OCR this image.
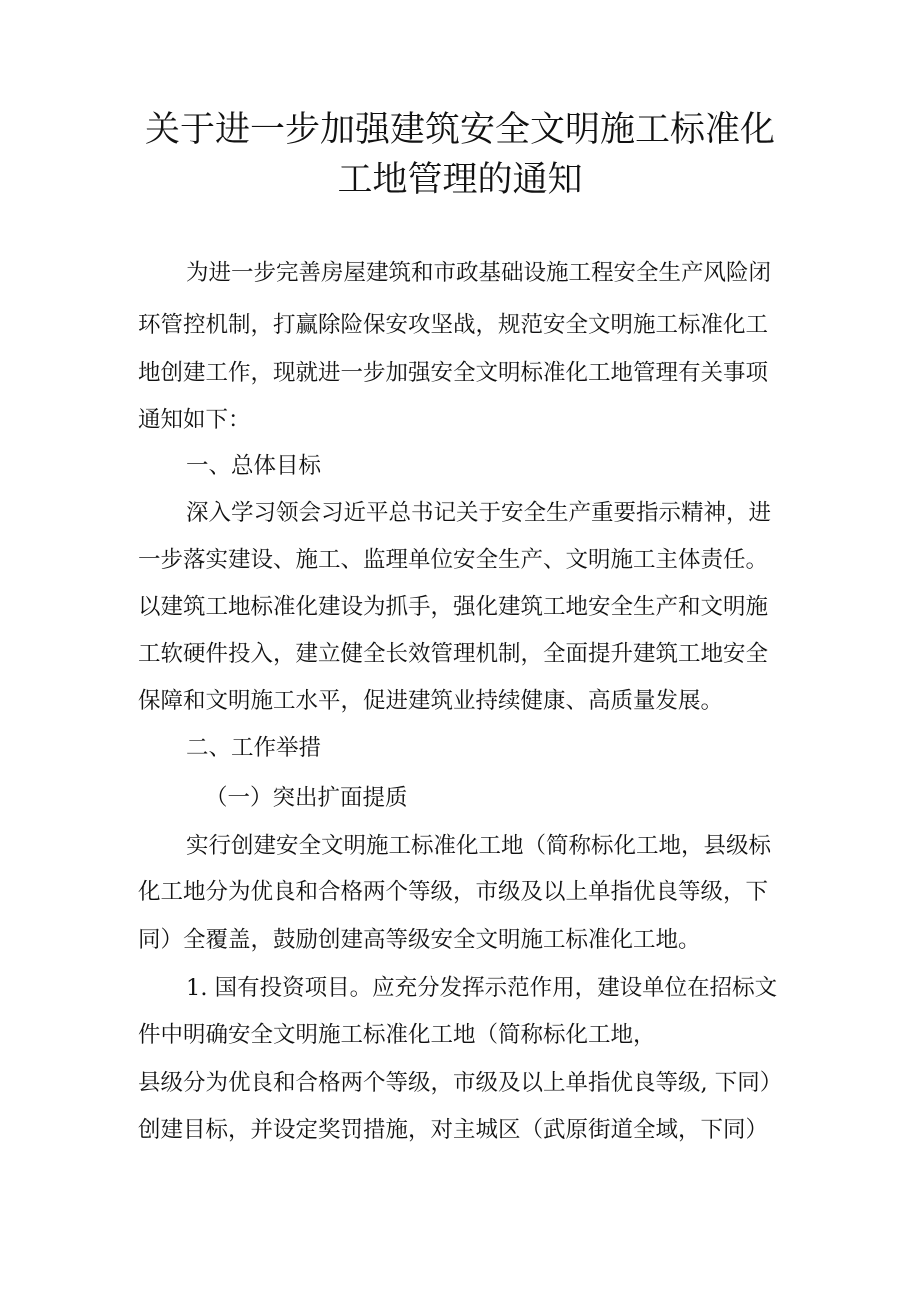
关于进一步加强建筑安全文明施工标准化
工地管理的通知
为进一步完善房屋建筑和市政基础设施工程安全生产风险闭
环管控机制，打赢除险保安攻坚战，规范安全文明施工标准化工
地创建工作，现就进一步加强安全文明标准化工地管理有关事项
通知如下：
一、总体目标
深入学习领会习近平总书记关于安全生产重要指示精神，进
一步落实建设、施工、监理单位安全生产、文明施工主体责任。
以建筑工地标准化建设为抓手，强化建筑工地安全生产和文明施
工软硬件投入，建立健全长效管理机制，全面提升建筑工地安全
保障和文明施工水平，促进建筑业持续健康、高质量发展。
二、工作举措
（一）突出扩面提质
实行创建安全文明施工标准化工地（简称标化工地，县级标
化工地分为优良和合格两个等级，市级及以上单指优良等级，下
同）全覆盖，鼓励创建高等级安全文明施工标准化工地。
1. 国有投资项目。应充分发挥示范作用，建设单位在招标文
件中明确安全文明施工标准化工地（简称标化工地，
县级分为优良和合格两个等级，市级及以上单指优良等级, 下同）
创建目标，并设定奖罚措施，对主城区（武原街道全域，下同）
